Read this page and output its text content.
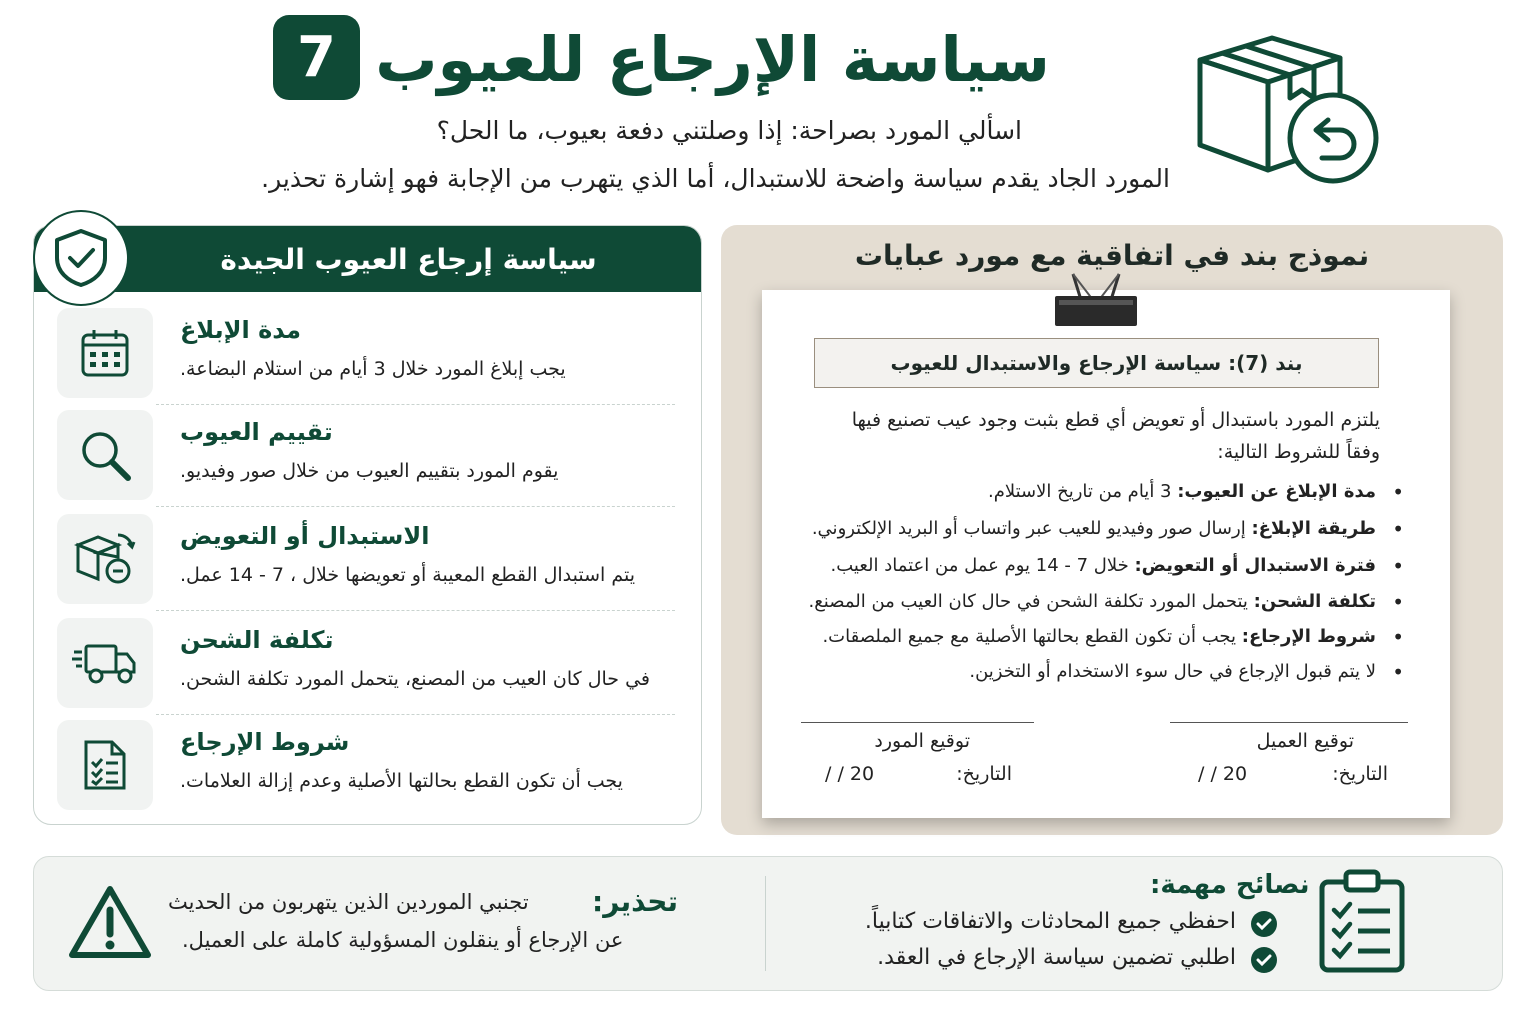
7 سياسة الإرجاع للعيوب
اسألي المورد بصراحة: إذا وصلتني دفعة بعيوب، ما الحل؟
المورد الجاد يقدم سياسة واضحة للاستبدال، أما الذي يتهرب من الإجابة فهو إشارة تحذير.
سياسة إرجاع العيوب الجيدة
مدة الإبلاغ
يجب إبلاغ المورد خلال 3 أيام من استلام البضاعة.
تقييم العيوب
يقوم المورد بتقييم العيوب من خلال صور وفيديو.
الاستبدال أو التعويض
يتم استبدال القطع المعيبة أو تعويضها خلال ، 7 - 14 عمل.
تكلفة الشحن
في حال كان العيب من المصنع، يتحمل المورد تكلفة الشحن.
شروط الإرجاع
يجب أن تكون القطع بحالتها الأصلية وعدم إزالة العلامات.
نموذج بند في اتفاقية مع مورد عبايات
بند (7): سياسة الإرجاع والاستبدال للعيوب
يلتزم المورد باستبدال أو تعويض أي قطع بثبت وجود عيب تصنيع فيها
وفقاً للشروط التالية:
مدة الإبلاغ عن العيوب: 3 أيام من تاريخ الاستلام. •
طريقة الإبلاغ: إرسال صور وفيديو للعيب عبر واتساب أو البريد الإلكتروني. •
فترة الاستبدال أو التعويض: خلال 7 - 14 يوم عمل من اعتماد العيب. •
تكلفة الشحن: يتحمل المورد تكلفة الشحن في حال كان العيب من المصنع. •
شروط الإرجاع: يجب أن تكون القطع بحالتها الأصلية مع جميع الملصقات. •
لا يتم قبول الإرجاع في حال سوء الاستخدام أو التخزين. •
توقيع العميل
التاريخ:
20 / /
توقيع المورد
التاريخ:
20 / /
تحذير:
تجنبي الموردين الذين يتهربون من الحديث
عن الإرجاع أو ينقلون المسؤولية كاملة على العميل.
نصائح مهمة:
احفظي جميع المحادثات والاتفاقات كتابياً.
اطلبي تضمين سياسة الإرجاع في العقد.
